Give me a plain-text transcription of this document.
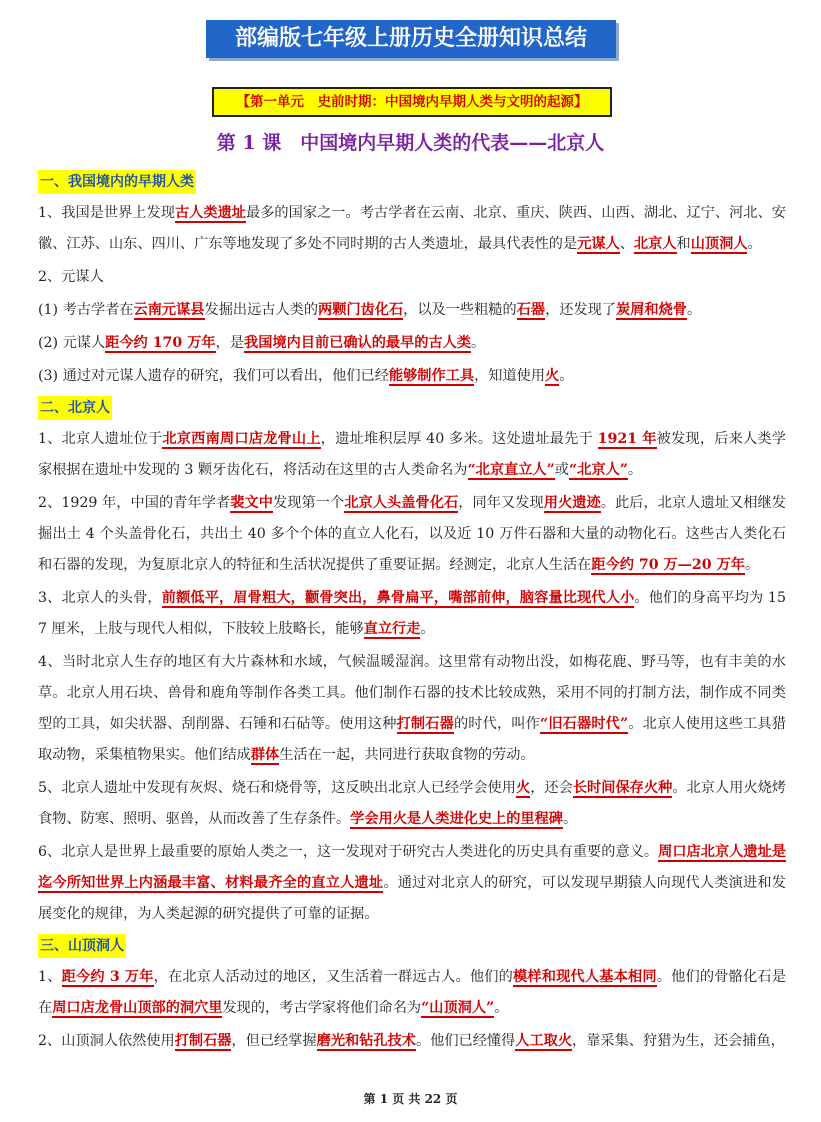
部编版七年级上册历史全册知识总结
【第一单元　史前时期：中国境内早期人类与文明的起源】
第 1 课　中国境内早期人类的代表——北京人
一、我国境内的早期人类
1、我国是世界上发现古人类遗址最多的国家之一。考古学者在云南、北京、重庆、陕西、山西、湖北、辽宁、河北、安徽、江苏、山东、四川、广东等地发现了多处不同时期的古人类遗址，最具代表性的是元谋人、北京人和山顶洞人。
2、元谋人
(1) 考古学者在云南元谋县发掘出远古人类的两颗门齿化石，以及一些粗糙的石器，还发现了炭屑和烧骨。
(2) 元谋人距今约 170 万年，是我国境内目前已确认的最早的古人类。
(3) 通过对元谋人遗存的研究，我们可以看出，他们已经能够制作工具，知道使用火。
二、北京人
1、北京人遗址位于北京西南周口店龙骨山上，遗址堆积层厚 40 多米。这处遗址最先于 1921 年被发现，后来人类学家根据在遗址中发现的 3 颗牙齿化石，将活动在这里的古人类命名为“北京直立人”或“北京人”。
2、1929 年，中国的青年学者裴文中发现第一个北京人头盖骨化石，同年又发现用火遗迹。此后，北京人遗址又相继发掘出土 4 个头盖骨化石，共出土 40 多个个体的直立人化石，以及近 10 万件石器和大量的动物化石。这些古人类化石和石器的发现，为复原北京人的特征和生活状况提供了重要证据。经测定，北京人生活在距今约 70 万—20 万年。
3、北京人的头骨，前额低平，眉骨粗大，颧骨突出，鼻骨扁平，嘴部前伸，脑容量比现代人小。他们的身高平均为 157 厘米，上肢与现代人相似，下肢较上肢略长，能够直立行走。
4、当时北京人生存的地区有大片森林和水域，气候温暖湿润。这里常有动物出没，如梅花鹿、野马等，也有丰美的水草。北京人用石块、兽骨和鹿角等制作各类工具。他们制作石器的技术比较成熟，采用不同的打制方法，制作成不同类型的工具，如尖状器、刮削器、石锤和石砧等。使用这种打制石器的时代，叫作“旧石器时代”。北京人使用这些工具猎取动物，采集植物果实。他们结成群体生活在一起，共同进行获取食物的劳动。
5、北京人遗址中发现有灰烬、烧石和烧骨等，这反映出北京人已经学会使用火，还会长时间保存火种。北京人用火烧烤食物、防寒、照明、驱兽，从而改善了生存条件。学会用火是人类进化史上的里程碑。
6、北京人是世界上最重要的原始人类之一，这一发现对于研究古人类进化的历史具有重要的意义。周口店北京人遗址是迄今所知世界上内涵最丰富、材料最齐全的直立人遗址。通过对北京人的研究，可以发现早期猿人向现代人类演进和发展变化的规律，为人类起源的研究提供了可靠的证据。
三、山顶洞人
1、距今约 3 万年，在北京人活动过的地区，又生活着一群远古人。他们的模样和现代人基本相同。他们的骨骼化石是在周口店龙骨山顶部的洞穴里发现的，考古学家将他们命名为“山顶洞人”。
2、山顶洞人依然使用打制石器，但已经掌握磨光和钻孔技术。他们已经懂得人工取火，靠采集、狩猎为生，还会捕鱼，
第 1 页 共 22 页
